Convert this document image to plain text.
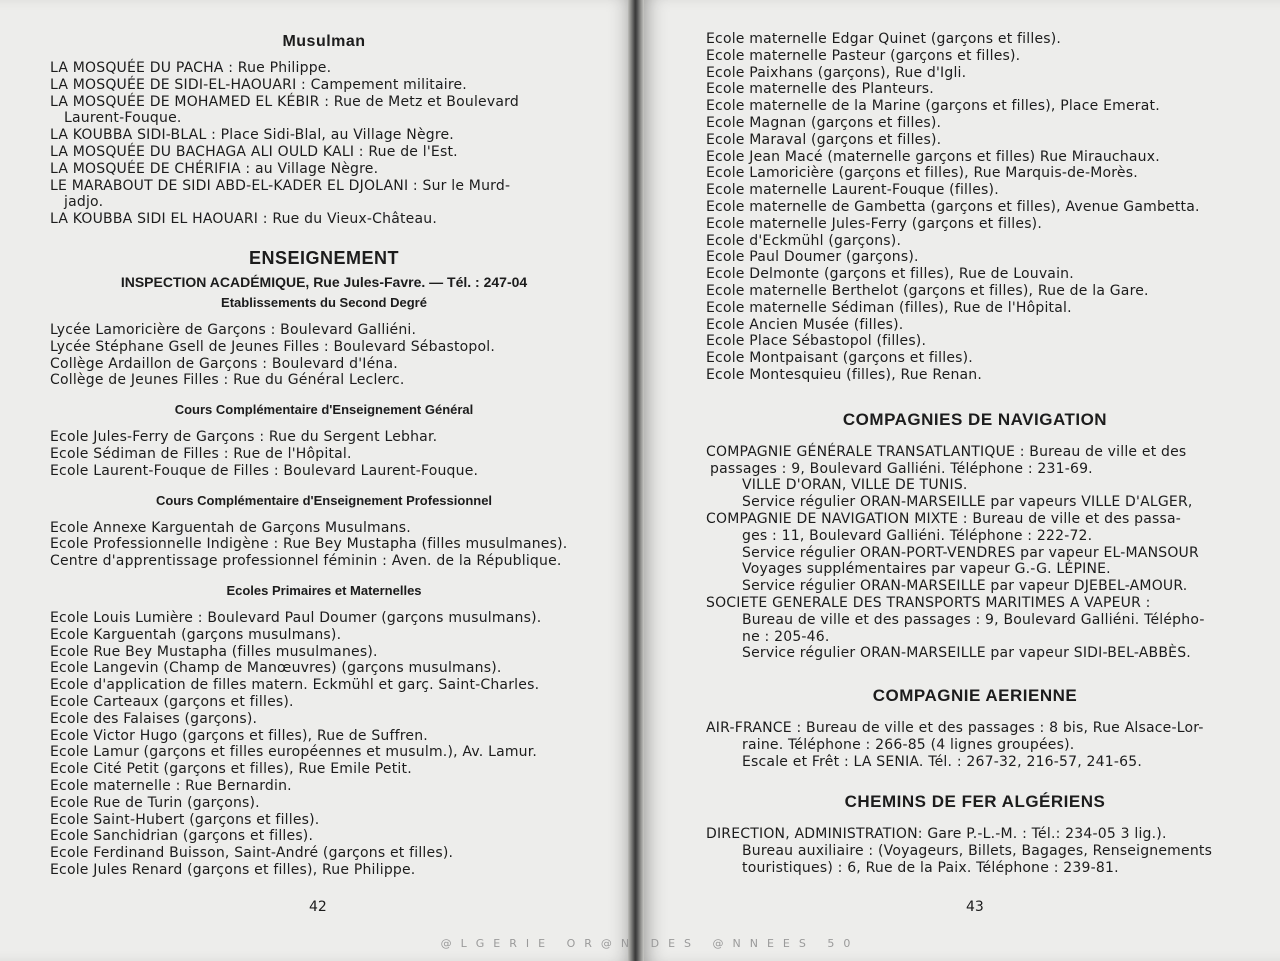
Musulman
LA MOSQUÉE DU PACHA : Rue Philippe.
LA MOSQUÉE DE SIDI-EL-HAOUARI : Campement militaire.
LA MOSQUÉE DE MOHAMED EL KÉBIR : Rue de Metz et Boulevard
Laurent-Fouque.
LA KOUBBA SIDI-BLAL : Place Sidi-Blal, au Village Nègre.
LA MOSQUÉE DU BACHAGA ALI OULD KALI : Rue de l'Est.
LA MOSQUÉE DE CHÉRIFIA : au Village Nègre.
LE MARABOUT DE SIDI ABD-EL-KADER EL DJOLANI : Sur le Murd-
jadjo.
LA KOUBBA SIDI EL HAOUARI : Rue du Vieux-Château.
ENSEIGNEMENT
INSPECTION ACADÉMIQUE, Rue Jules-Favre. — Tél. : 247-04
Etablissements du Second Degré
Lycée Lamoricière de Garçons : Boulevard Galliéni.
Lycée Stéphane Gsell de Jeunes Filles : Boulevard Sébastopol.
Collège Ardaillon de Garçons : Boulevard d'Iéna.
Collège de Jeunes Filles : Rue du Général Leclerc.
Cours Complémentaire d'Enseignement Général
Ecole Jules-Ferry de Garçons : Rue du Sergent Lebhar.
Ecole Sédiman de Filles : Rue de l'Hôpital.
Ecole Laurent-Fouque de Filles : Boulevard Laurent-Fouque.
Cours Complémentaire d'Enseignement Professionnel
Ecole Annexe Karguentah de Garçons Musulmans.
Ecole Professionnelle Indigène : Rue Bey Mustapha (filles musulmanes).
Centre d'apprentissage professionnel féminin : Aven. de la République.
Ecoles Primaires et Maternelles
Ecole Louis Lumière : Boulevard Paul Doumer (garçons musulmans).
Ecole Karguentah (garçons musulmans).
Ecole Rue Bey Mustapha (filles musulmanes).
Ecole Langevin (Champ de Manœuvres) (garçons musulmans).
Ecole d'application de filles matern. Eckmühl et garç. Saint-Charles.
Ecole Carteaux (garçons et filles).
Ecole des Falaises (garçons).
Ecole Victor Hugo (garçons et filles), Rue de Suffren.
Ecole Lamur (garçons et filles européennes et musulm.), Av. Lamur.
Ecole Cité Petit (garçons et filles), Rue Emile Petit.
Ecole maternelle : Rue Bernardin.
Ecole Rue de Turin (garçons).
Ecole Saint-Hubert (garçons et filles).
Ecole Sanchidrian (garçons et filles).
Ecole Ferdinand Buisson, Saint-André (garçons et filles).
Ecole Jules Renard (garçons et filles), Rue Philippe.
42
Ecole maternelle Edgar Quinet (garçons et filles).
Ecole maternelle Pasteur (garçons et filles).
Ecole Paixhans (garçons), Rue d'Igli.
Ecole maternelle des Planteurs.
Ecole maternelle de la Marine (garçons et filles), Place Emerat.
Ecole Magnan (garçons et filles).
Ecole Maraval (garçons et filles).
Ecole Jean Macé (maternelle garçons et filles) Rue Mirauchaux.
Ecole Lamoricière (garçons et filles), Rue Marquis-de-Morès.
Ecole maternelle Laurent-Fouque (filles).
Ecole maternelle de Gambetta (garçons et filles), Avenue Gambetta.
Ecole maternelle Jules-Ferry (garçons et filles).
Ecole d'Eckmühl (garçons).
Ecole Paul Doumer (garçons).
Ecole Delmonte (garçons et filles), Rue de Louvain.
Ecole maternelle Berthelot (garçons et filles), Rue de la Gare.
Ecole maternelle Sédiman (filles), Rue de l'Hôpital.
Ecole Ancien Musée (filles).
Ecole Place Sébastopol (filles).
Ecole Montpaisant (garçons et filles).
Ecole Montesquieu (filles), Rue Renan.
COMPAGNIES DE NAVIGATION
COMPAGNIE GÉNÉRALE TRANSATLANTIQUE : Bureau de ville et des
passages : 9, Boulevard Galliéni. Téléphone : 231-69.
VILLE D'ORAN, VILLE DE TUNIS.
Service régulier ORAN-MARSEILLE par vapeurs VILLE D'ALGER,
COMPAGNIE DE NAVIGATION MIXTE : Bureau de ville et des passa-
ges : 11, Boulevard Galliéni. Téléphone : 222-72.
Service régulier ORAN-PORT-VENDRES par vapeur EL-MANSOUR
Voyages supplémentaires par vapeur G.-G. LÉPINE.
Service régulier ORAN-MARSEILLE par vapeur DJEBEL-AMOUR.
SOCIETE GENERALE DES TRANSPORTS MARITIMES A VAPEUR :
Bureau de ville et des passages : 9, Boulevard Galliéni. Télépho-
ne : 205-46.
Service régulier ORAN-MARSEILLE par vapeur SIDI-BEL-ABBÈS.
COMPAGNIE AERIENNE
AIR-FRANCE : Bureau de ville et des passages : 8 bis, Rue Alsace-Lor-
raine. Téléphone : 266-85 (4 lignes groupées).
Escale et Frêt : LA SENIA. Tél. : 267-32, 216-57, 241-65.
CHEMINS DE FER ALGÉRIENS
DIRECTION, ADMINISTRATION: Gare P.-L.-M. : Tél.: 234-05 3 lig.).
Bureau auxiliaire : (Voyageurs, Billets, Bagages, Renseignements
touristiques) : 6, Rue de la Paix. Téléphone : 239-81.
43
@LGERIE OR@N DES @NNEES 50
